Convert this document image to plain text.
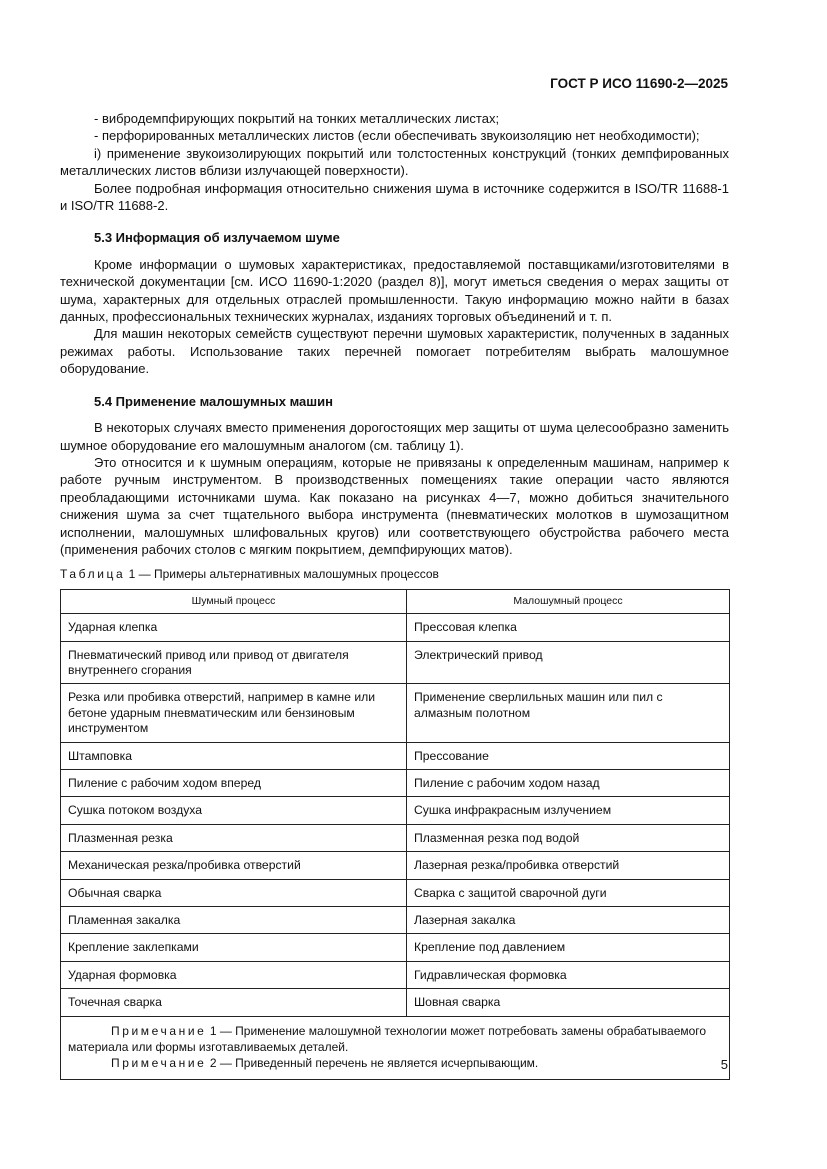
ГОСТ Р ИСО 11690-2—2025

- вибродемпфирующих покрытий на тонких металлических листах;

- перфорированных металлических листов (если обеспечивать звукоизоляцию нет необходимости);

i) применение звукоизолирующих покрытий или толстостенных конструкций (тонких демпфированных металлических листов вблизи излучающей поверхности).

Более подробная информация относительно снижения шума в источнике содержится в ISO/TR 11688-1 и ISO/TR 11688-2.

5.3 Информация об излучаемом шуме

Кроме информации о шумовых характеристиках, предоставляемой поставщиками/изготовителями в технической документации [см. ИСО 11690-1:2020 (раздел 8)], могут иметься сведения о мерах защиты от шума, характерных для отдельных отраслей промышленности. Такую информацию можно найти в базах данных, профессиональных технических журналах, изданиях торговых объединений и т. п.

Для машин некоторых семейств существуют перечни шумовых характеристик, полученных в заданных режимах работы. Использование таких перечней помогает потребителям выбрать малошумное оборудование.

5.4 Применение малошумных машин

В некоторых случаях вместо применения дорогостоящих мер защиты от шума целесообразно заменить шумное оборудование его малошумным аналогом (см. таблицу 1).

Это относится и к шумным операциям, которые не привязаны к определенным машинам, например к работе ручным инструментом. В производственных помещениях такие операции часто являются преобладающими источниками шума. Как показано на рисунках 4—7, можно добиться значительного снижения шума за счет тщательного выбора инструмента (пневматических молотков в шумозащитном исполнении, малошумных шлифовальных кругов) или соответствующего обустройства рабочего места (применения рабочих столов с мягким покрытием, демпфирующих матов).

Таблица 1 — Примеры альтернативных малошумных процессов

Шумный процесс	Малошумный процесс
Ударная клепка	Прессовая клепка
Пневматический привод или привод от двигателя внутреннего сгорания	Электрический привод
Резка или пробивка отверстий, например в камне или бетоне ударным пневматическим или бензиновым инструментом	Применение сверлильных машин или пил с алмазным полотном
Штамповка	Прессование
Пиление с рабочим ходом вперед	Пиление с рабочим ходом назад
Сушка потоком воздуха	Сушка инфракрасным излучением
Плазменная резка	Плазменная резка под водой
Механическая резка/пробивка отверстий	Лазерная резка/пробивка отверстий
Обычная сварка	Сварка с защитой сварочной дуги
Пламенная закалка	Лазерная закалка
Крепление заклепками	Крепление под давлением
Ударная формовка	Гидравлическая формовка
Точечная сварка	Шовная сварка

Примечание 1 — Применение малошумной технологии может потребовать замены обрабатываемого материала или формы изготавливаемых деталей.

Примечание 2 — Приведенный перечень не является исчерпывающим.		5
